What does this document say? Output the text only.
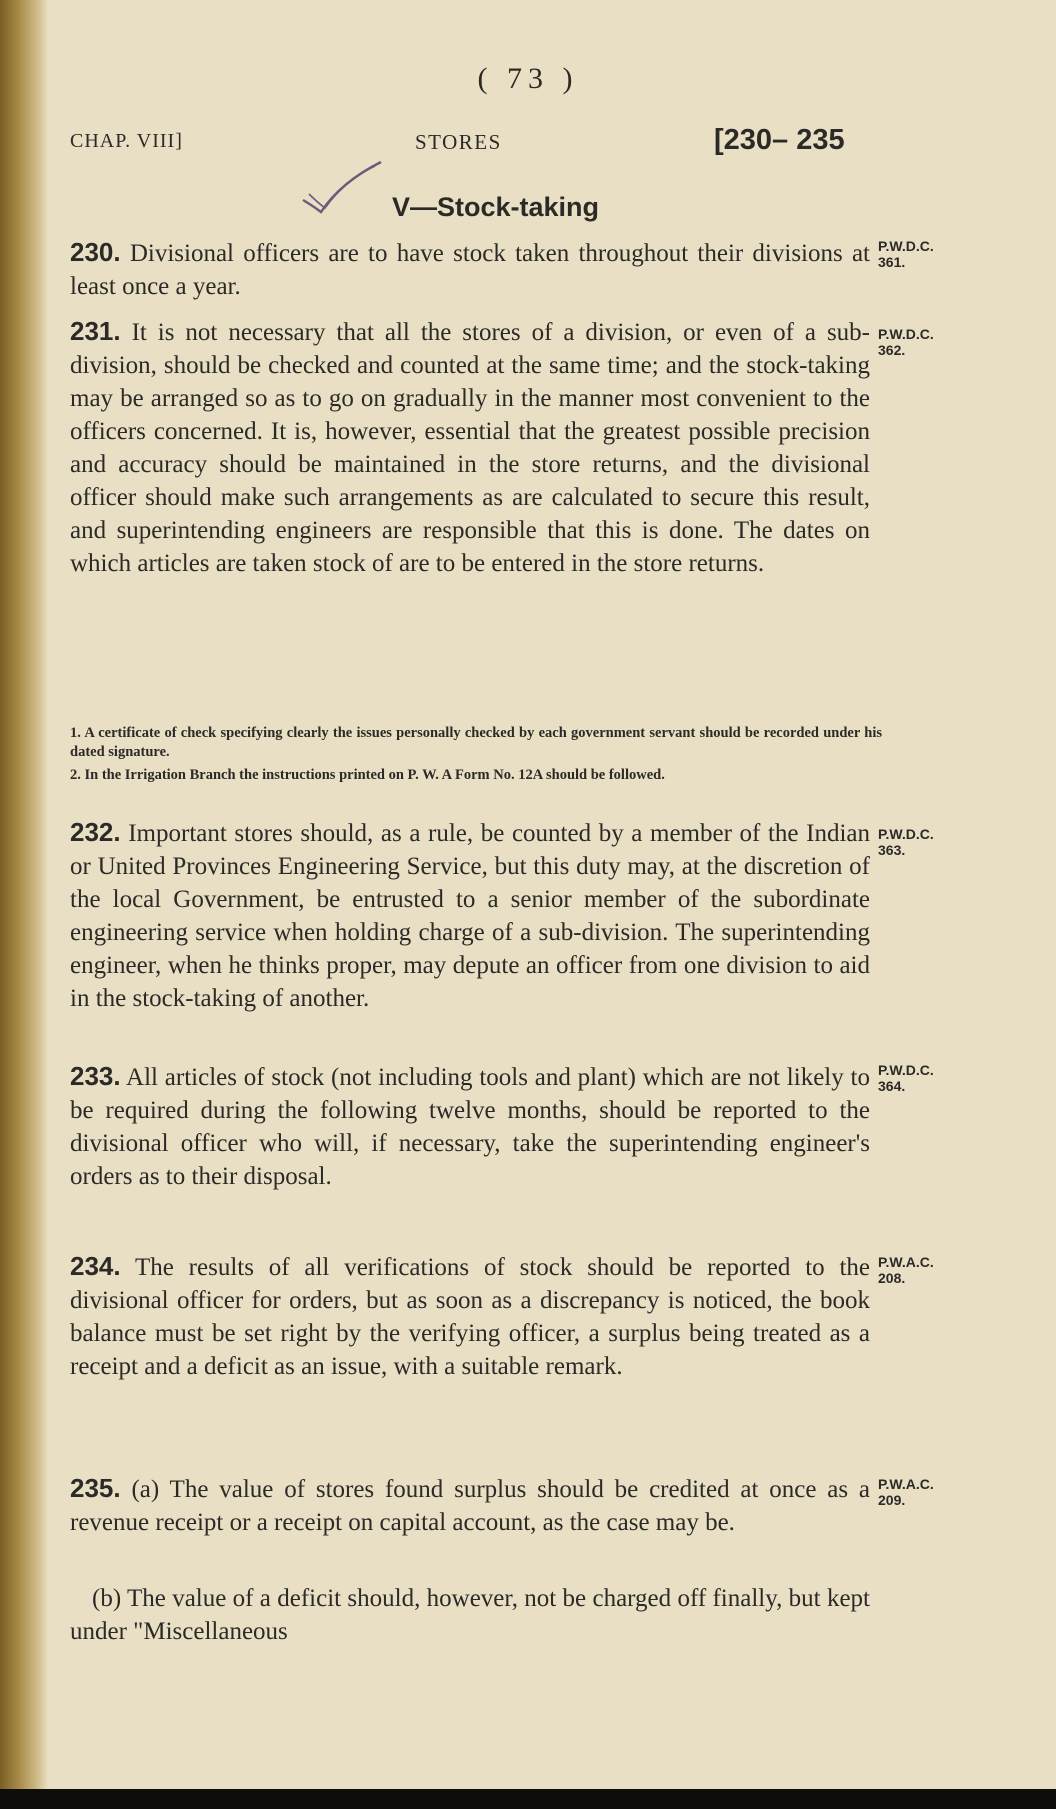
( 73 )
CHAP. VIII]	STORES	[230– 235
V—Stock-taking

230. Divisional officers are to have stock taken throughout their divisions at least once a year.

P.W.D.C.
361.

231. It is not necessary that all the stores of a division, or even of a sub-division, should be checked and counted at the same time; and the stock-taking may be arranged so as to go on gradually in the manner most convenient to the officers concerned. It is, however, essential that the greatest possible precision and accuracy should be maintained in the store returns, and the divisional officer should make such arrangements as are calculated to secure this result, and superintending engineers are responsible that this is done. The dates on which articles are taken stock of are to be entered in the store returns.

P.W.D.C.
362.

1. A certificate of check specifying clearly the issues personally checked by each government servant should be recorded under his dated signature.

2. In the Irrigation Branch the instructions printed on P. W. A Form No. 12A should be followed.

232. Important stores should, as a rule, be counted by a member of the Indian or United Provinces Engineering Service, but this duty may, at the discretion of the local Government, be entrusted to a senior member of the subordinate engineering service when holding charge of a sub-division. The superintending engineer, when he thinks proper, may depute an officer from one division to aid in the stock-taking of another.

P.W.D.C.
363.

233. All articles of stock (not including tools and plant) which are not likely to be required during the following twelve months, should be reported to the divisional officer who will, if necessary, take the superintending engineer's orders as to their disposal.

P.W.D.C.
364.

234. The results of all verifications of stock should be reported to the divisional officer for orders, but as soon as a discrepancy is noticed, the book balance must be set right by the verifying officer, a surplus being treated as a receipt and a deficit as an issue, with a suitable remark.

P.W.A.C.
208.

235. (a) The value of stores found surplus should be credited at once as a revenue receipt or a receipt on capital account, as the case may be.

P.W.A.C.
209.

(b) The value of a deficit should, however, not be charged off finally, but kept under "Miscellaneous
